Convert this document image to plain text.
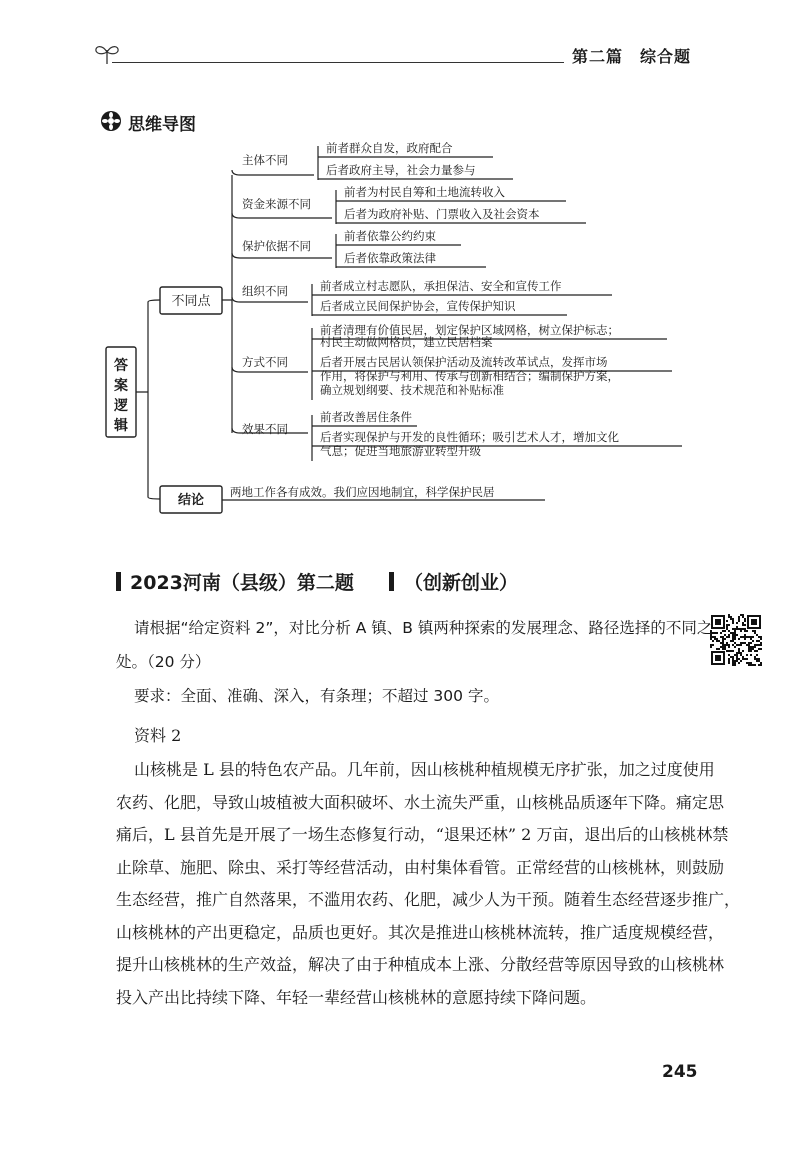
第二篇　综合题
思维导图
答
案
逻
辑
不同点
结论
两地工作各有成效。我们应因地制宜，科学保护民居
主体不同
前者群众自发，政府配合
后者政府主导，社会力量参与
资金来源不同
前者为村民自筹和土地流转收入
后者为政府补贴、门票收入及社会资本
保护依据不同
前者依靠公约约束
后者依靠政策法律
组织不同	前者成立村志愿队，承担保洁、安全和宣传工作
后者成立民间保护协会，宣传保护知识
方式不同
前者清理有价值民居，划定保护区域网格，树立保护标志；
村民主动做网格员，建立民居档案
后者开展古民居认领保护活动及流转改革试点，发挥市场
作用，将保护与利用、传承与创新相结合；编制保护方案，
确立规划纲要、技术规范和补贴标准
效果不同
前者改善居住条件
后者实现保护与开发的良性循环；吸引艺术人才，增加文化
气息；促进当地旅游业转型升级
2023河南（县级）第二题	（创新创业）
请根据“给定资料 2”，对比分析 A 镇、B 镇两种探索的发展理念、路径选择的不同之
处。（20 分）
要求：全面、准确、深入，有条理；不超过 300 字。
资料 2
山核桃是 L 县的特色农产品。几年前，因山核桃种植规模无序扩张，加之过度使用
农药、化肥，导致山坡植被大面积破坏、水土流失严重，山核桃品质逐年下降。痛定思
痛后，L 县首先是开展了一场生态修复行动，“退果还林” 2 万亩，退出后的山核桃林禁
止除草、施肥、除虫、采打等经营活动，由村集体看管。正常经营的山核桃林，则鼓励
生态经营，推广自然落果，不滥用农药、化肥，减少人为干预。随着生态经营逐步推广，
山核桃林的产出更稳定，品质也更好。其次是推进山核桃林流转，推广适度规模经营，
提升山核桃林的生产效益，解决了由于种植成本上涨、分散经营等原因导致的山核桃林
投入产出比持续下降、年轻一辈经营山核桃林的意愿持续下降问题。
245
